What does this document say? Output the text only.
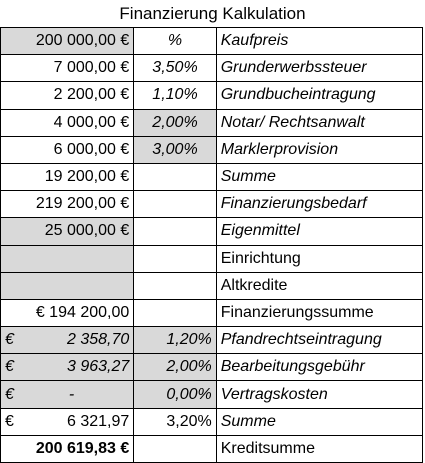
Finanzierung Kalkulation
200 000,00 €	%	Kaufpreis
7 000,00 €	3,50%	Grunderwerbssteuer
2 200,00 €	1,10%	Grundbucheintragung
4 000,00 €	2,00%	Notar/ Rechtsanwalt
6 000,00 €	3,00%	Marklerprovision
19 200,00 €		Summe
219 200,00 €		Finanzierungsbedarf
25 000,00 €		Eigenmittel
		Einrichtung
		Altkredite
€ 194 200,00		Finanzierungssumme

€ 2 358,70	1,20%	Pfandrechtseintragung

€ 3 963,27	2,00%	Bearbeitungsgebühr

€ -	0,00%	Vertragskosten

€ 6 321,97	3,20%	Summe
200 619,83 €		Kreditsumme
